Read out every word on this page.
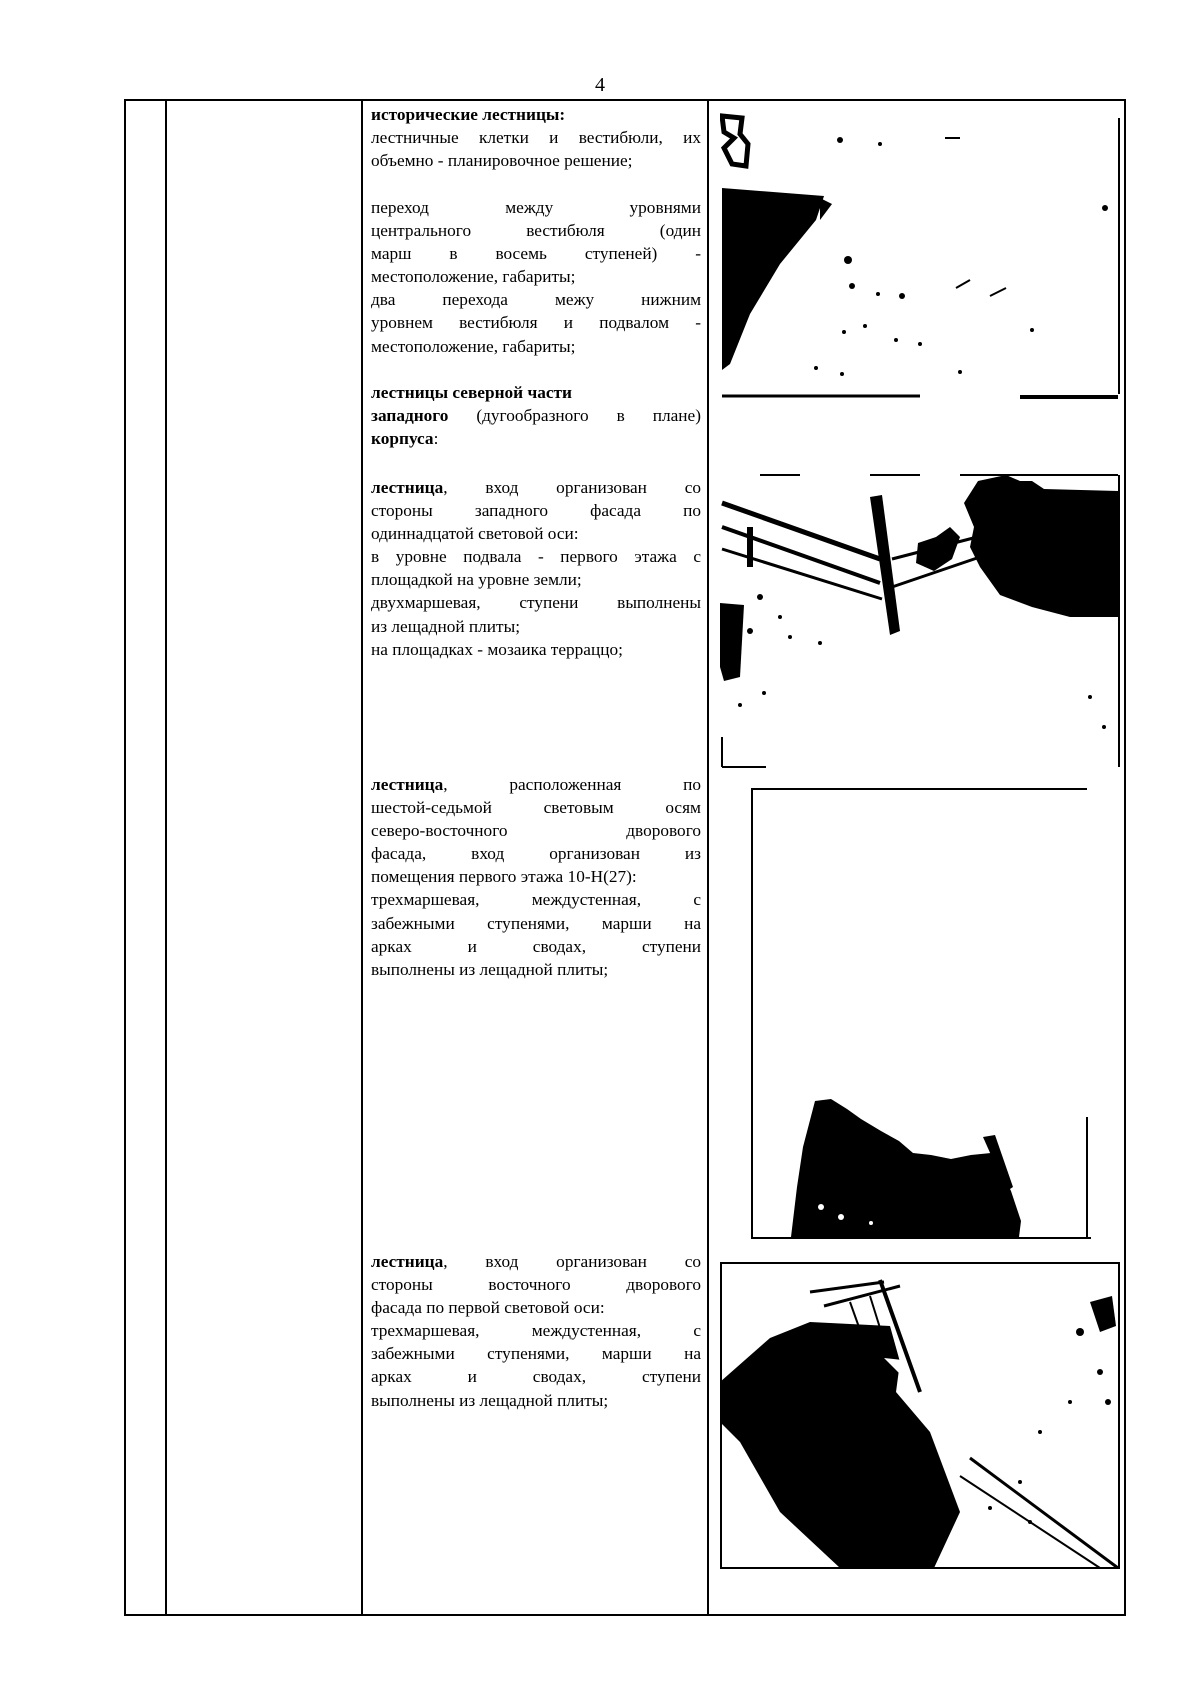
4

исторические лестницы:

лестничные клетки и вестибюли, их

объемно - планировочное решение;

переход между уровнями

центрального вестибюля (один

марш в восемь ступеней) -

местоположение, габариты;

два перехода межу нижним

уровнем вестибюля и подвалом -

местоположение, габариты;

лестницы северной части

западного (дугообразного в плане)

корпуса:

лестница, вход организован со

стороны западного фасада по

одиннадцатой световой оси:

в уровне подвала - первого этажа с

площадкой на уровне земли;

двухмаршевая, ступени выполнены

из лещадной плиты;

на площадках - мозаика терраццо;

лестница, расположенная по

шестой-седьмой световым осям

северо-восточного дворового

фасада, вход организован из

помещения первого этажа 10-Н(27):

трехмаршевая, междустенная, с

забежными ступенями, марши на

арках и сводах, ступени

выполнены из лещадной плиты;

лестница, вход организован со

стороны восточного дворового

фасада по первой световой оси:

трехмаршевая, междустенная, с

забежными ступенями, марши на

арках и сводах, ступени

выполнены из лещадной плиты;
